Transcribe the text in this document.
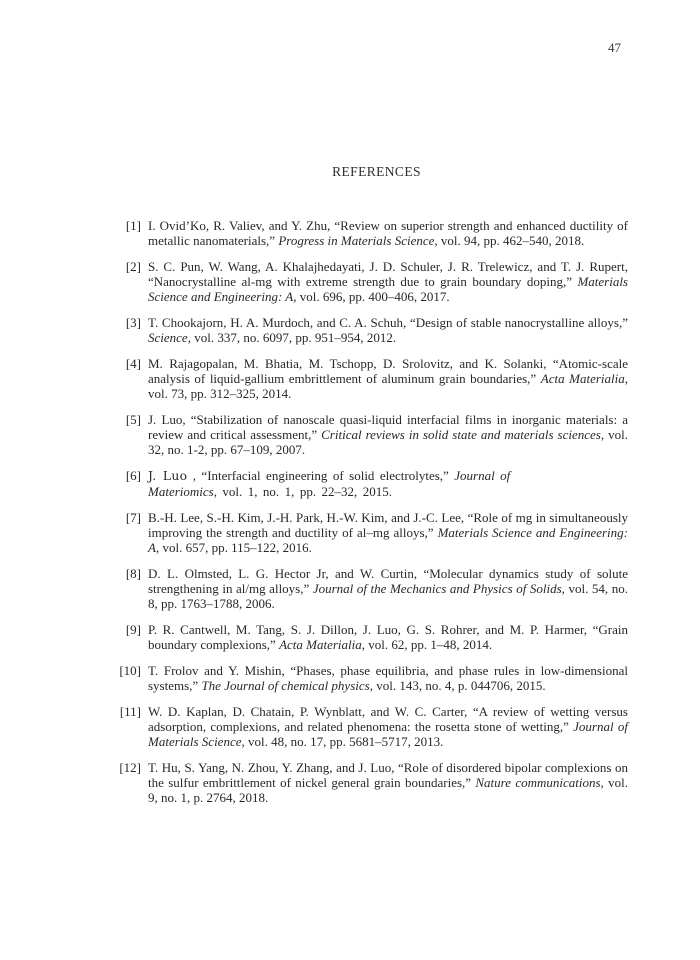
47
REFERENCES
[1] I. Ovid’Ko, R. Valiev, and Y. Zhu, “Review on superior strength and enhanced ductility of metallic nanomaterials,” Progress in Materials Science, vol. 94, pp. 462–540, 2018.
[2] S. C. Pun, W. Wang, A. Khalajhedayati, J. D. Schuler, J. R. Trelewicz, and T. J. Rupert, “Nanocrystalline al-mg with extreme strength due to grain boundary doping,” Materials Science and Engineering: A, vol. 696, pp. 400–406, 2017.
[3] T. Chookajorn, H. A. Murdoch, and C. A. Schuh, “Design of stable nanocrystalline alloys,” Science, vol. 337, no. 6097, pp. 951–954, 2012.
[4] M. Rajagopalan, M. Bhatia, M. Tschopp, D. Srolovitz, and K. Solanki, “Atomic-scale analysis of liquid-gallium embrittlement of aluminum grain boundaries,” Acta Materialia, vol. 73, pp. 312–325, 2014.
[5] J. Luo, “Stabilization of nanoscale quasi-liquid interfacial films in inorganic materials: a review and critical assessment,” Critical reviews in solid state and materials sciences, vol. 32, no. 1-2, pp. 67–109, 2007.
[6] J. Luo , “Interfacial engineering of solid electrolytes,” Journal of
Materiomics, vol. 1, no. 1, pp. 22–32, 2015.
[7] B.-H. Lee, S.-H. Kim, J.-H. Park, H.-W. Kim, and J.-C. Lee, “Role of mg in simultaneously improving the strength and ductility of al–mg alloys,” Materials Science and Engineering: A, vol. 657, pp. 115–122, 2016.
[8] D. L. Olmsted, L. G. Hector Jr, and W. Curtin, “Molecular dynamics study of solute strengthening in al/mg alloys,” Journal of the Mechanics and Physics of Solids, vol. 54, no. 8, pp. 1763–1788, 2006.
[9] P. R. Cantwell, M. Tang, S. J. Dillon, J. Luo, G. S. Rohrer, and M. P. Harmer, “Grain boundary complexions,” Acta Materialia, vol. 62, pp. 1–48, 2014.
[10] T. Frolov and Y. Mishin, “Phases, phase equilibria, and phase rules in low-dimensional systems,” The Journal of chemical physics, vol. 143, no. 4, p. 044706, 2015.
[11] W. D. Kaplan, D. Chatain, P. Wynblatt, and W. C. Carter, “A review of wetting versus adsorption, complexions, and related phenomena: the rosetta stone of wetting,” Journal of Materials Science, vol. 48, no. 17, pp. 5681–5717, 2013.
[12] T. Hu, S. Yang, N. Zhou, Y. Zhang, and J. Luo, “Role of disordered bipolar complexions on the sulfur embrittlement of nickel general grain boundaries,” Nature communications, vol. 9, no. 1, p. 2764, 2018.
